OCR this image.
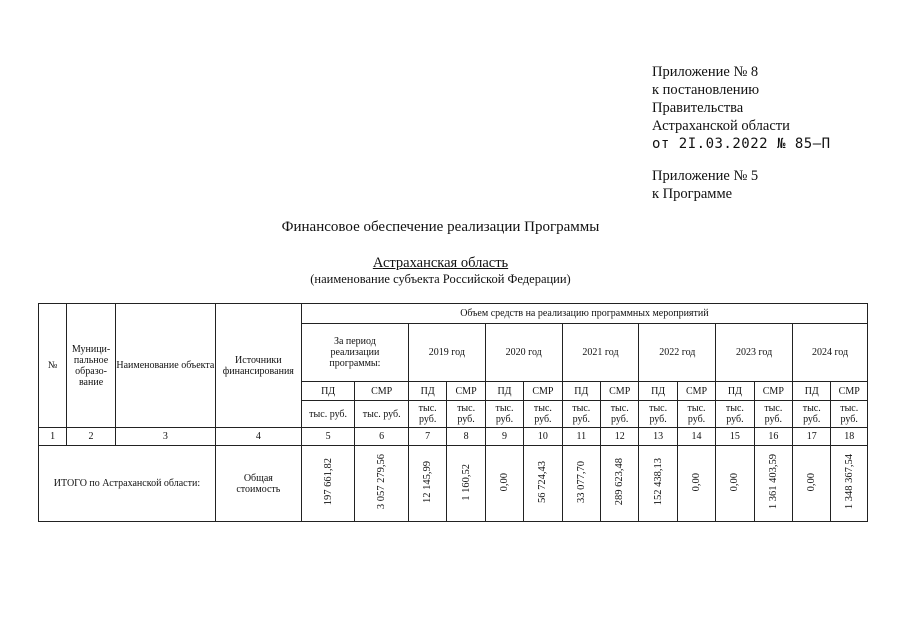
Приложение № 8
к постановлению
Правительства
Астраханской области
от 2I.03.2022 № 85–П
Приложение № 5
к Программе
Финансовое обеспечение реализации Программы
Астраханская область
(наименование субъекта Российской Федерации)
№	Муници-
пальное
образо-
вание	Наименование объекта	Источники финансирования	Объем средств на реализацию программных мероприятий													
				За период реализации программы:		2019 год		2020 год		2021 год		2022 год		2023 год		2024 год	
				ПД	СМР	ПД	СМР	ПД	СМР	ПД	СМР	ПД	СМР	ПД	СМР	ПД	СМР
				тыс. руб.	тыс. руб.	тыс. руб.	тыс. руб.	тыс. руб.	тыс. руб.	тыс. руб.	тыс. руб.	тыс. руб.	тыс. руб.	тыс. руб.	тыс. руб.	тыс. руб.	тыс. руб.
1	2	3	4	5	6	7	8	9	10	11	12	13	14	15	16	17	18
ИТОГО по Астраханской области:			Общая стоимость	197 661,82	3 057 279,56	12 145,99	1 160,52	0,00	56 724,43	33 077,70	289 623,48	152 438,13	0,00	0,00	1 361 403,59	0,00	1 348 367,54
